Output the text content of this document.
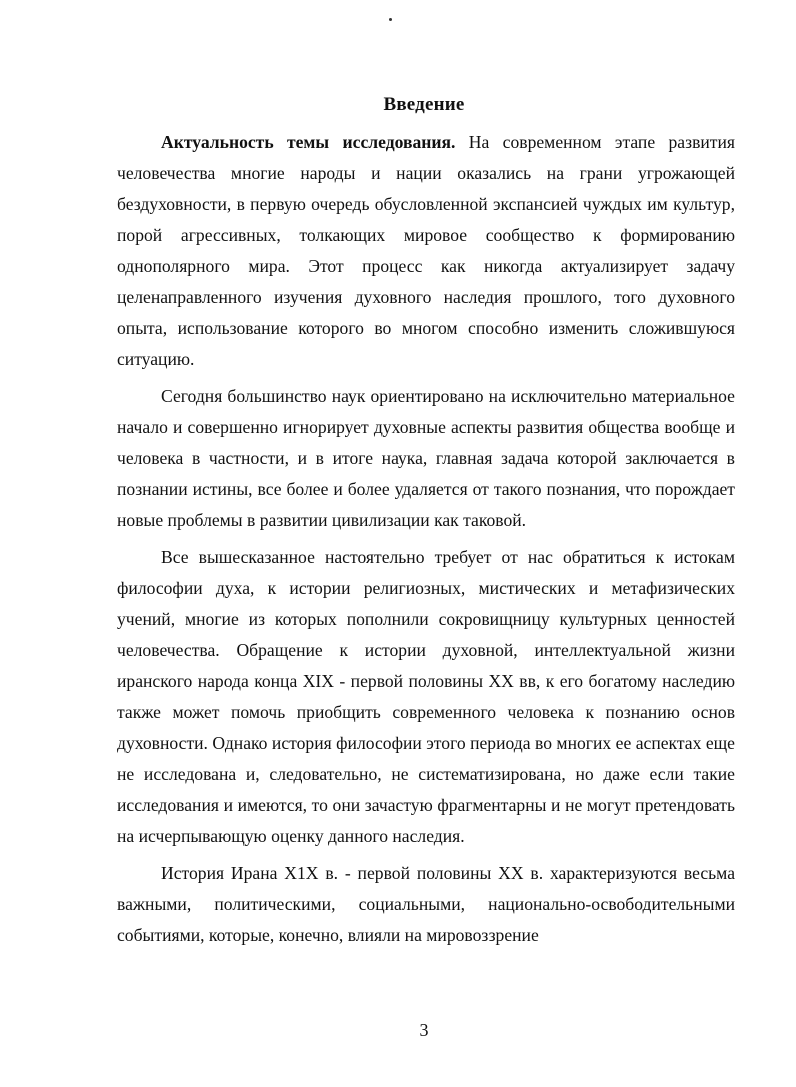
Введение

Актуальность темы исследования. На современном этапе развития человечества многие народы и нации оказались на грани угрожающей бездуховности, в первую очередь обусловленной экспансией чуждых им культур, порой агрессивных, толкающих мировое сообщество к формированию однополярного мира. Этот процесс как никогда актуализирует задачу целенаправленного изучения духовного наследия прошлого, того духовного опыта, использование которого во многом способно изменить сложившуюся ситуацию.

Сегодня большинство наук ориентировано на исключительно материальное начало и совершенно игнорирует духовные аспекты развития общества вообще и человека в частности, и в итоге наука, главная задача которой заключается в познании истины, все более и более удаляется от такого познания, что порождает новые проблемы в развитии цивилизации как таковой.

Все вышесказанное настоятельно требует от нас обратиться к истокам философии духа, к истории религиозных, мистических и метафизических учений, многие из которых пополнили сокровищницу культурных ценностей человечества. Обращение к истории духовной, интеллектуальной жизни иранского народа конца XIX - первой половины XX вв, к его богатому наследию также может помочь приобщить современного человека к познанию основ духовности. Однако история философии этого периода во многих ее аспектах еще не исследована и, следовательно, не систематизирована, но даже если такие исследования и имеются, то они зачастую фрагментарны и не могут претендовать на исчерпывающую оценку данного наследия.

История Ирана X1X в. - первой половины XX в. характеризуются весьма важными, политическими, социальными, национально-освободительными событиями, которые, конечно, влияли на мировоззрение

3
